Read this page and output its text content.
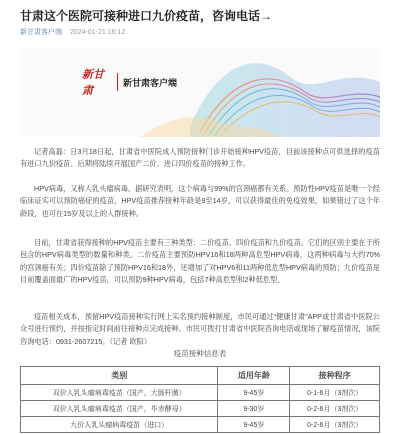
甘肃这个医院可接种进口九价疫苗，咨询电话→
新甘肃客户端 2024-01-21 16:12
新甘肃
新甘肃客户端
记者高磊：日3月18日起，甘肃省中医院成人预防接种门诊开始接种HPV疫苗，目前该接种点可供选择的疫苗有进口九价疫苗、后期将陆续开展国产二价、进口四价疫苗的接种工作。
HPV病毒，又称人乳头瘤病毒，据研究表明，这个病毒与99%的宫颈癌都有关系。预防性HPV疫苗是唯一个经临床证实可以预防癌症的疫苗，HPV疫苗推荐接种年龄是9至14岁，可以获得最佳的免疫效果，如果错过了这个年龄段，也可在15岁及以上的人群接种。
目前，甘肃省获得接种的HPV疫苗主要有三种类型：二价疫苗、四价疫苗和九价疫苗。它们的区别主要在于所包含的HPV病毒类型的数量和种类。二价疫苗主要预防HPV16和18两种高危型HPV病毒，这两种病毒与大约70%的宫颈癌有关；四价疫苗除了预防HPV16和18外，还增加了对HPV6和11两种低危型HPV病毒的预防；九价疫苗是目前覆盖面最广的HPV疫苗，可以预防9种HPV病毒，包括7种高危型和2种低危型。
疫苗相关成本，预留HPV疫苗接种实行网上实名预约接种制度，市民可通过“健康甘肃”APP或甘肃省中医院公众号进行预约，并按指定时间前往接种点完成接种。市民可拨打甘肃省中医院咨询电话或现场了解疫苗情况，该院咨询电话：0931-2607215。（记者 欧阳）
疫苗接种信息表
类别	适用年龄	接种程序
双价人乳头瘤病毒疫苗（国产，大肠杆菌）	9-45岁	0-1-6月（3剂次）
双价人乳头瘤病毒疫苗（国产，毕赤酵母）	9-30岁	0-2-6月（3剂次）
九价人乳头瘤病毒疫苗（进口）	9-45岁	0-2-6月（3剂次）
